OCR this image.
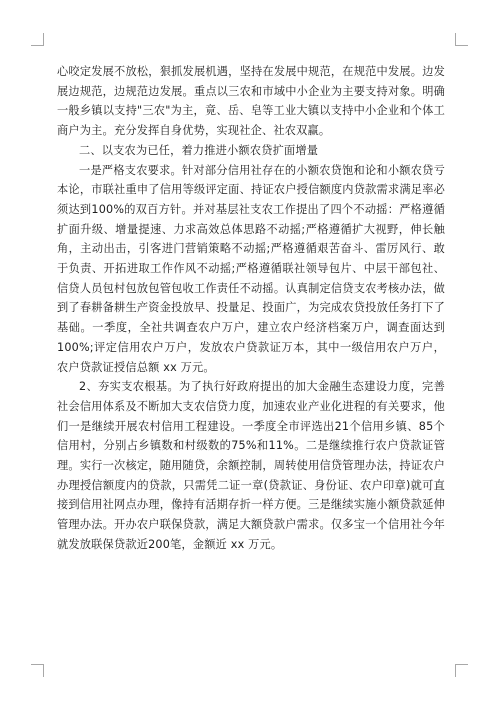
心咬定发展不放松，狠抓发展机遇，坚持在发展中规范，在规范中发展。边发展边规范，边规范边发展。重点以三农和市域中小企业为主要支持对象。明确一般乡镇以支持"三农"为主，竟、岳、皂等工业大镇以支持中小企业和个体工商户为主。充分发挥自身优势，实现社企、社农双赢。

二、以支农为已任，着力推进小额农贷扩面增量

一是严格支农要求。针对部分信用社存在的小额农贷饱和论和小额农贷亏本论，市联社重申了信用等级评定面、持证农户授信额度内贷款需求满足率必须达到100%的双百方针。并对基层社支农工作提出了四个不动摇：严格遵循扩面升级、增量提速、力求高效总体思路不动摇;严格遵循扩大视野，伸长触角，主动出击，引客进门营销策略不动摇;严格遵循艰苦奋斗、雷厉风行、敢于负责、开拓进取工作作风不动摇;严格遵循联社领导包片、中层干部包社、信贷人员包村包放包管包收工作责任不动摇。认真制定信贷支农考核办法，做到了春耕备耕生产资金投放早、投量足、投面广，为完成农贷投放任务打下了基础。一季度，全社共调查农户万户，建立农户经济档案万户，调查面达到100%;评定信用农户万户，发放农户贷款证万本，其中一级信用农户万户，农户贷款证授信总额 xx 万元。

2、夯实支农根基。为了执行好政府提出的加大金融生态建设力度，完善社会信用体系及不断加大支农信贷力度，加速农业产业化进程的有关要求，他们一是继续开展农村信用工程建设。一季度全市评选出21个信用乡镇、85个信用村，分别占乡镇数和村级数的75%和11%。二是继续推行农户贷款证管理。实行一次核定，随用随贷，余额控制，周转使用信贷管理办法，持证农户办理授信额度内的贷款，只需凭二证一章(贷款证、身份证、农户印章)就可直接到信用社网点办理，像持有活期存折一样方便。三是继续实施小额贷款延伸管理办法。开办农户联保贷款，满足大额贷款户需求。仅多宝一个信用社今年就发放联保贷款近200笔，金额近 xx 万元。
